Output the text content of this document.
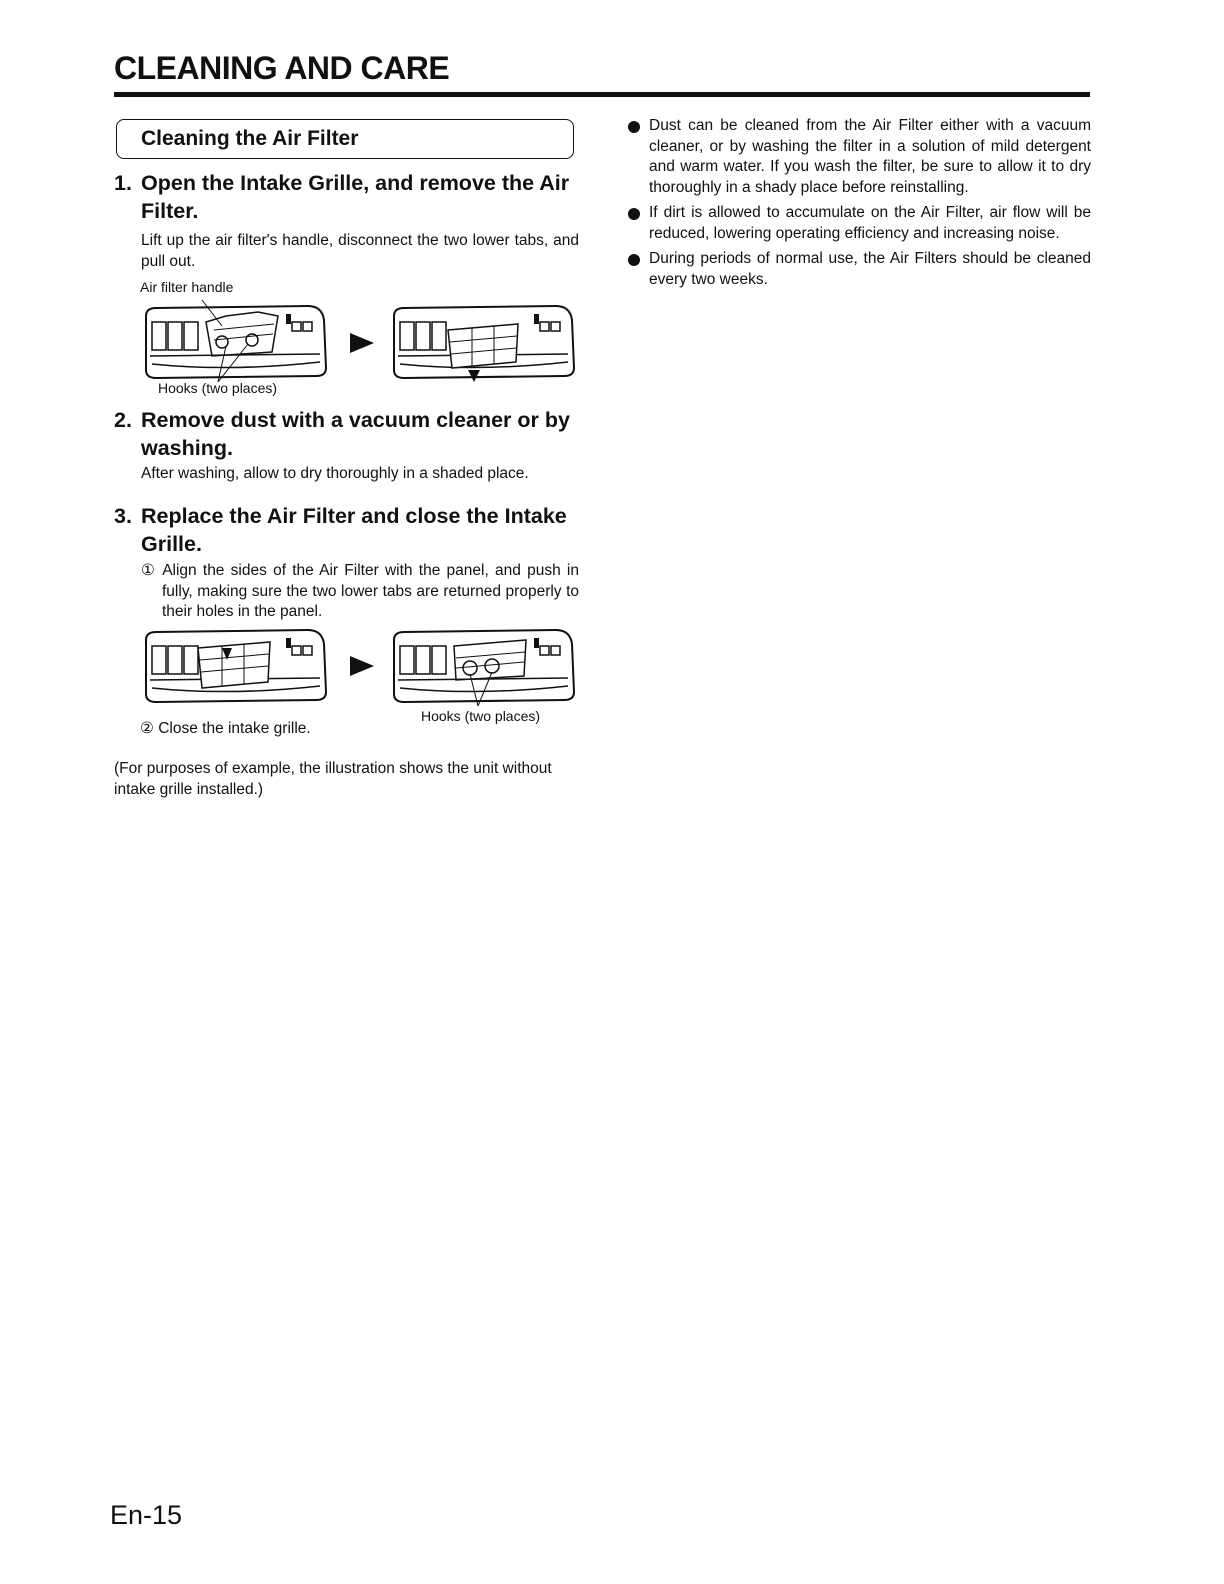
CLEANING AND CARE
Cleaning the Air Filter

1. Open the Intake Grille, and remove the Air Filter.

Lift up the air filter's handle, disconnect the two lower tabs, and pull out.

Air filter handle
Hooks (two places)

2. Remove dust with a vacuum cleaner or by washing.

After washing, allow to dry thoroughly in a shaded place.

3. Replace the Air Filter and close the Intake Grille.

① Align the sides of the Air Filter with the panel, and push in fully, making sure the two lower tabs are returned properly to their holes in the panel.

Hooks (two places)
② Close the intake grille.
(For purposes of example, the illustration shows the unit without intake grille installed.)
Dust can be cleaned from the Air Filter either with a vacuum cleaner, or by washing the filter in a solution of mild detergent and warm water. If you wash the filter, be sure to allow it to dry thoroughly in a shady place before reinstalling.
If dirt is allowed to accumulate on the Air Filter, air flow will be reduced, lowering operating efficiency and increasing noise.
During periods of normal use, the Air Filters should be cleaned every two weeks.
En-15
